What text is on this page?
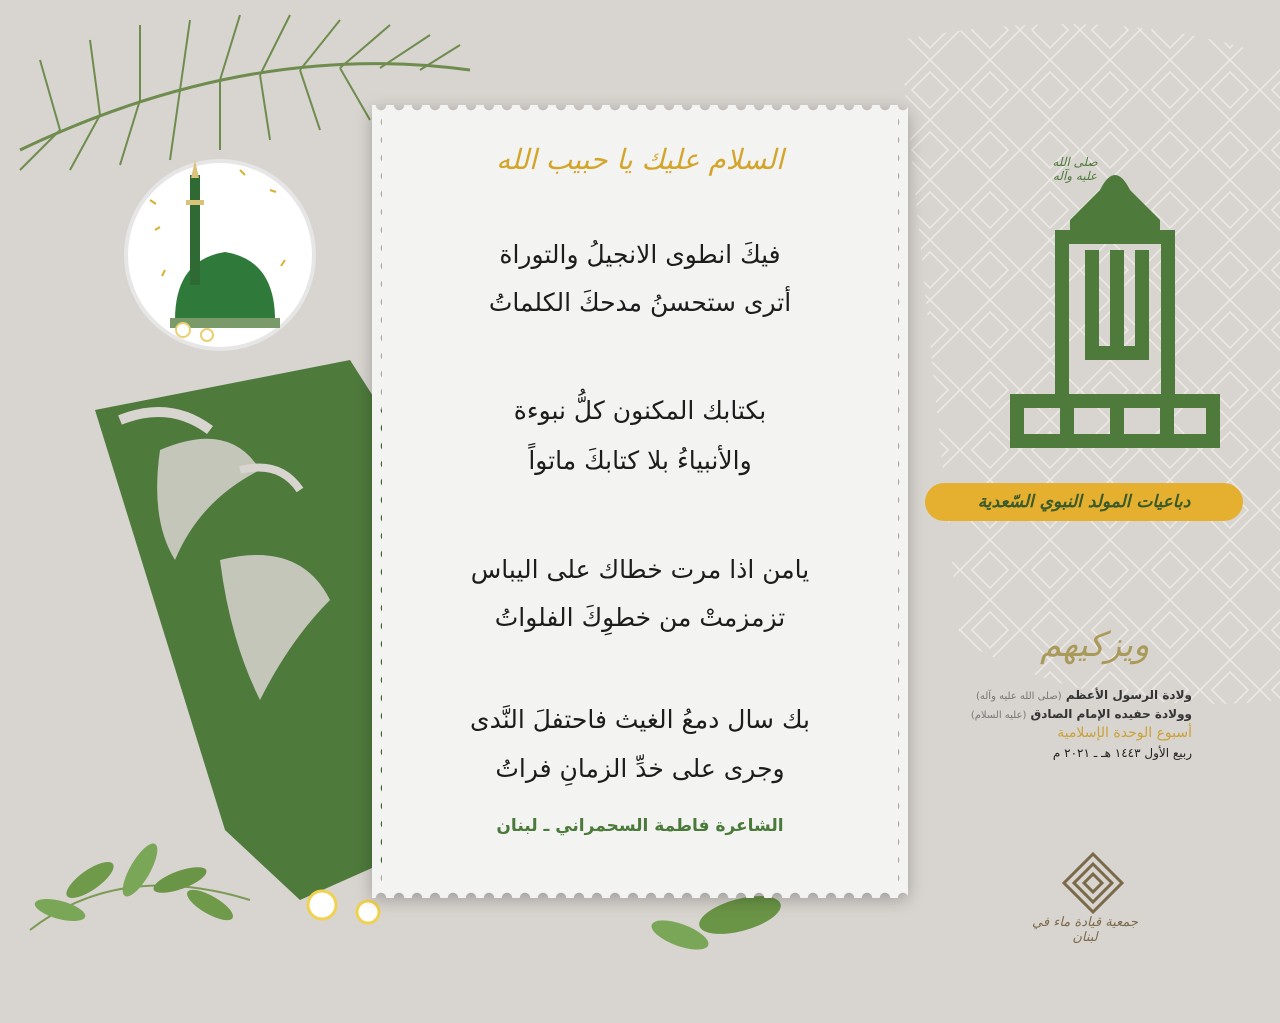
السلام عليك يا حبيب الله
فيكَ انطوى الانجيلُ والتوراة
أترى ستحسنُ مدحكَ الكلماتُ
بكتابك المكنون كلُّ نبوءة
والأنبياءُ بلا كتابكَ ماتواً
يامن اذا مرت خطاك على اليباس
تزمزمتْ من خطوِكَ الفلواتُ
بك سال دمعُ الغيث فاحتفلَ النَّدى
وجرى على خدِّ الزمانِ فراتُ
الشاعرة فاطمة السحمراني ـ لبنان
صلى الله عليه وآله
دباعيات المولد النبوي السّعدية
ويزكيهم
ولادة الرسول الأعظم (صلى الله عليه وآله)
وولادة حفيده الإمام الصادق (عليه السلام)
أسبوع الوحدة الإسلامية
ربيع الأول ١٤٤٣ هـ ـ ٢٠٢١ م
جمعية قيادة ماء في لبنان
